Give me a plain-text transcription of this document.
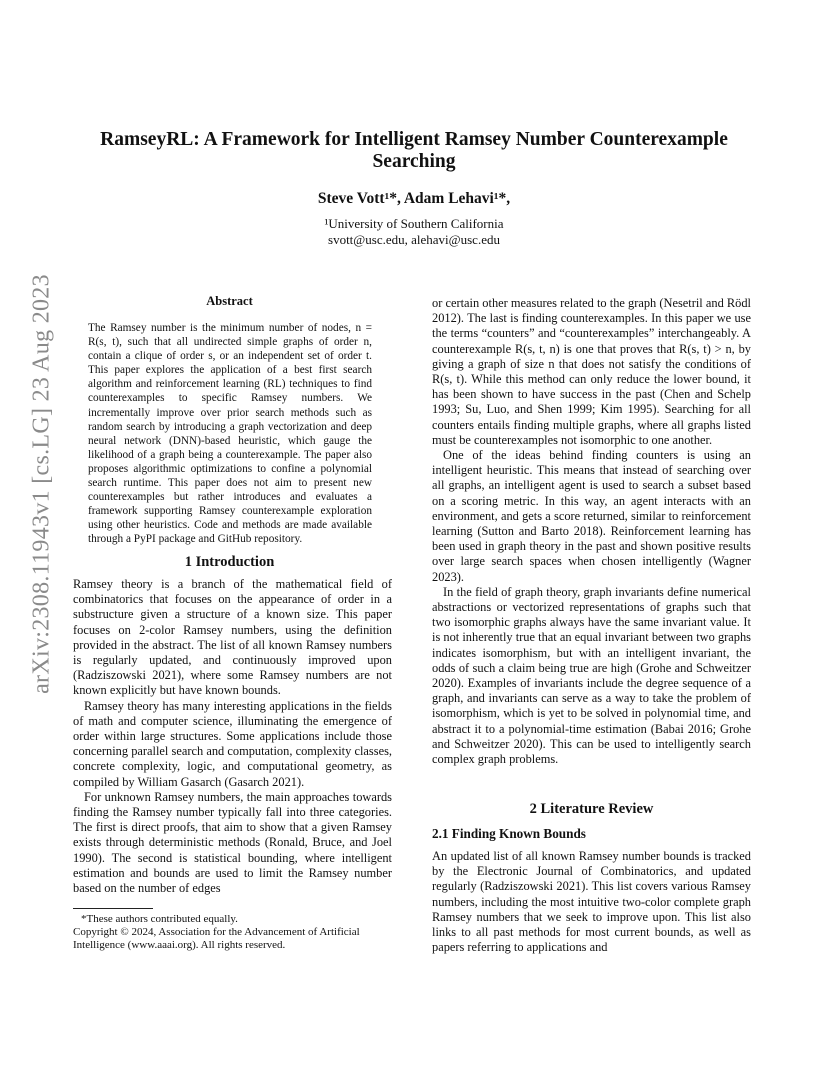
RamseyRL: A Framework for Intelligent Ramsey Number Counterexample Searching
Steve Vott¹*, Adam Lehavi¹*,
¹University of Southern California
svott@usc.edu, alehavi@usc.edu
arXiv:2308.11943v1 [cs.LG] 23 Aug 2023	Abstract
The Ramsey number is the minimum number of nodes, n = R(s, t), such that all undirected simple graphs of order n, contain a clique of order s, or an independent set of order t. This paper explores the application of a best first search algorithm and reinforcement learning (RL) techniques to find counterexamples to specific Ramsey numbers. We incrementally improve over prior search methods such as random search by introducing a graph vectorization and deep neural network (DNN)-based heuristic, which gauge the likelihood of a graph being a counterexample. The paper also proposes algorithmic optimizations to confine a polynomial search runtime. This paper does not aim to present new counterexamples but rather introduces and evaluates a framework supporting Ramsey counterexample exploration using other heuristics. Code and methods are made available through a PyPI package and GitHub repository.
1 Introduction

Ramsey theory is a branch of the mathematical field of combinatorics that focuses on the appearance of order in a substructure given a structure of a known size. This paper focuses on 2-color Ramsey numbers, using the definition provided in the abstract. The list of all known Ramsey numbers is regularly updated, and continuously improved upon (Radziszowski 2021), where some Ramsey numbers are not known explicitly but have known bounds.

Ramsey theory has many interesting applications in the fields of math and computer science, illuminating the emergence of order within large structures. Some applications include those concerning parallel search and computation, complexity classes, concrete complexity, logic, and computational geometry, as compiled by William Gasarch (Gasarch 2021).

For unknown Ramsey numbers, the main approaches towards finding the Ramsey number typically fall into three categories. The first is direct proofs, that aim to show that a given Ramsey exists through deterministic methods (Ronald, Bruce, and Joel 1990). The second is statistical bounding, where intelligent estimation and bounds are used to limit the Ramsey number based on the number of edges

*These authors contributed equally.
Copyright © 2024, Association for the Advancement of Artificial Intelligence (www.aaai.org). All rights reserved.

or certain other measures related to the graph (Nesetril and Rödl 2012). The last is finding counterexamples. In this paper we use the terms “counters” and “counterexamples” interchangeably. A counterexample R(s, t, n) is one that proves that R(s, t) > n, by giving a graph of size n that does not satisfy the conditions of R(s, t). While this method can only reduce the lower bound, it has been shown to have success in the past (Chen and Schelp 1993; Su, Luo, and Shen 1999; Kim 1995). Searching for all counters entails finding multiple graphs, where all graphs listed must be counterexamples not isomorphic to one another.

One of the ideas behind finding counters is using an intelligent heuristic. This means that instead of searching over all graphs, an intelligent agent is used to search a subset based on a scoring metric. In this way, an agent interacts with an environment, and gets a score returned, similar to reinforcement learning (Sutton and Barto 2018). Reinforcement learning has been used in graph theory in the past and shown positive results over large search spaces when chosen intelligently (Wagner 2023).

In the field of graph theory, graph invariants define numerical abstractions or vectorized representations of graphs such that two isomorphic graphs always have the same invariant value. It is not inherently true that an equal invariant between two graphs indicates isomorphism, but with an intelligent invariant, the odds of such a claim being true are high (Grohe and Schweitzer 2020). Examples of invariants include the degree sequence of a graph, and invariants can serve as a way to take the problem of isomorphism, which is yet to be solved in polynomial time, and abstract it to a polynomial-time estimation (Babai 2016; Grohe and Schweitzer 2020). This can be used to intelligently search complex graph problems.

2 Literature Review
2.1 Finding Known Bounds

An updated list of all known Ramsey number bounds is tracked by the Electronic Journal of Combinatorics, and updated regularly (Radziszowski 2021). This list covers various Ramsey numbers, including the most intuitive two-color complete graph Ramsey numbers that we seek to improve upon. This list also links to all past methods for most current bounds, as well as papers referring to applications and
